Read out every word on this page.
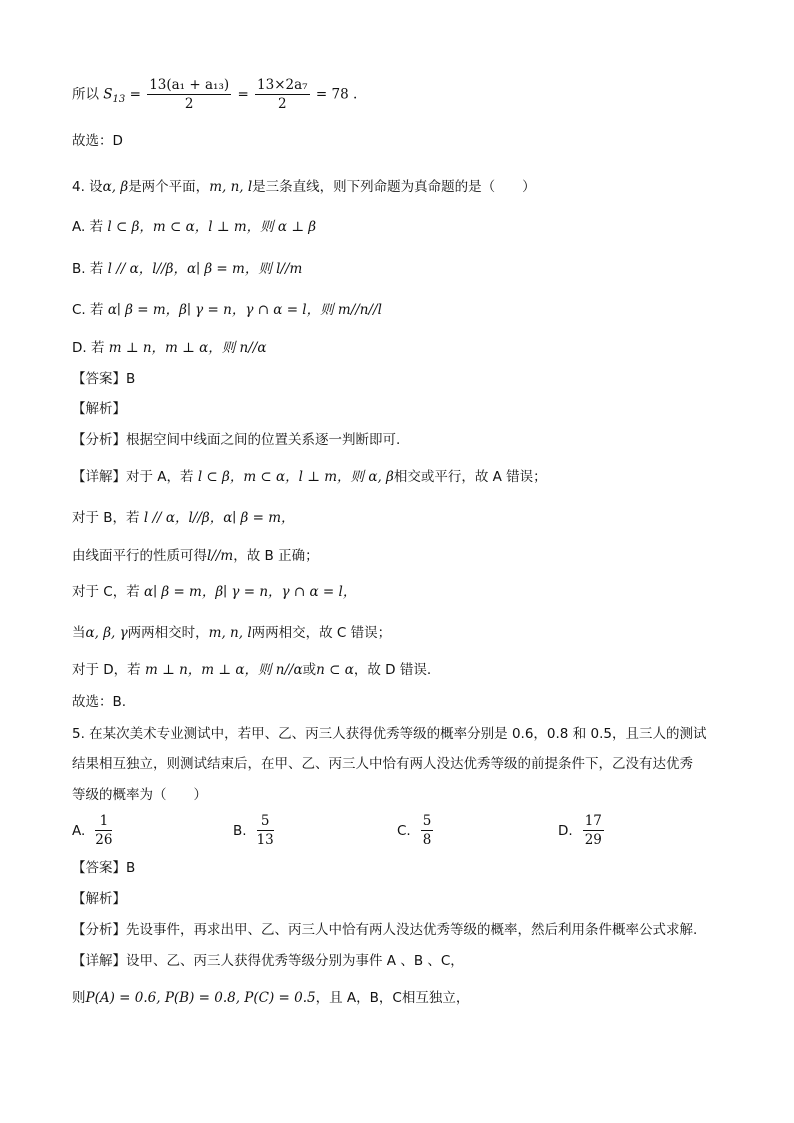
所以 $S_{13} = \frac{\text{13(a₁ + a₁₃)}}{2} = \frac{\text{13×2a₇}}{2} = 78$ .
故选：D
4. 设α, β是两个平面，m, n, l是三条直线，则下列命题为真命题的是（　　）
A. 若 l ⊂ β，m ⊂ α，l ⊥ m，则 α ⊥ β
B. 若 l // α，l//β，α∣ β = m，则 l//m
C. 若 α∣ β = m，β∣ γ = n，γ ∩ α = l，则 m//n//l
D. 若 m ⊥ n，m ⊥ α，则 n//α
【答案】B
【解析】
【分析】根据空间中线面之间的位置关系逐一判断即可.
【详解】对于 A，若 l ⊂ β，m ⊂ α，l ⊥ m，则 α, β相交或平行，故 A 错误；
对于 B，若 l // α，l//β，α∣ β = m，
由线面平行的性质可得l//m，故 B 正确；
对于 C，若 α∣ β = m，β∣ γ = n，γ ∩ α = l，
当α, β, γ两两相交时，m, n, l两两相交，故 C 错误；
对于 D，若 m ⊥ n，m ⊥ α，则 n//α或n ⊂ α，故 D 错误.
故选：B.
5. 在某次美术专业测试中，若甲、乙、丙三人获得优秀等级的概率分别是 0.6，0.8 和 0.5，且三人的测试
结果相互独立，则测试结束后，在甲、乙、丙三人中恰有两人没达优秀等级的前提条件下，乙没有达优秀
等级的概率为（　　）
A. $\frac{1}{26}$	B. $\frac{5}{13}$	C. $\frac{5}{8}$	D. $\frac{17}{29}$
【答案】B
【解析】
【分析】先设事件，再求出甲、乙、丙三人中恰有两人没达优秀等级的概率，然后利用条件概率公式求解.
【详解】设甲、乙、丙三人获得优秀等级分别为事件 A 、B 、C，
则P(A) = 0.6, P(B) = 0.8, P(C) = 0.5，且 A，B，C相互独立，
